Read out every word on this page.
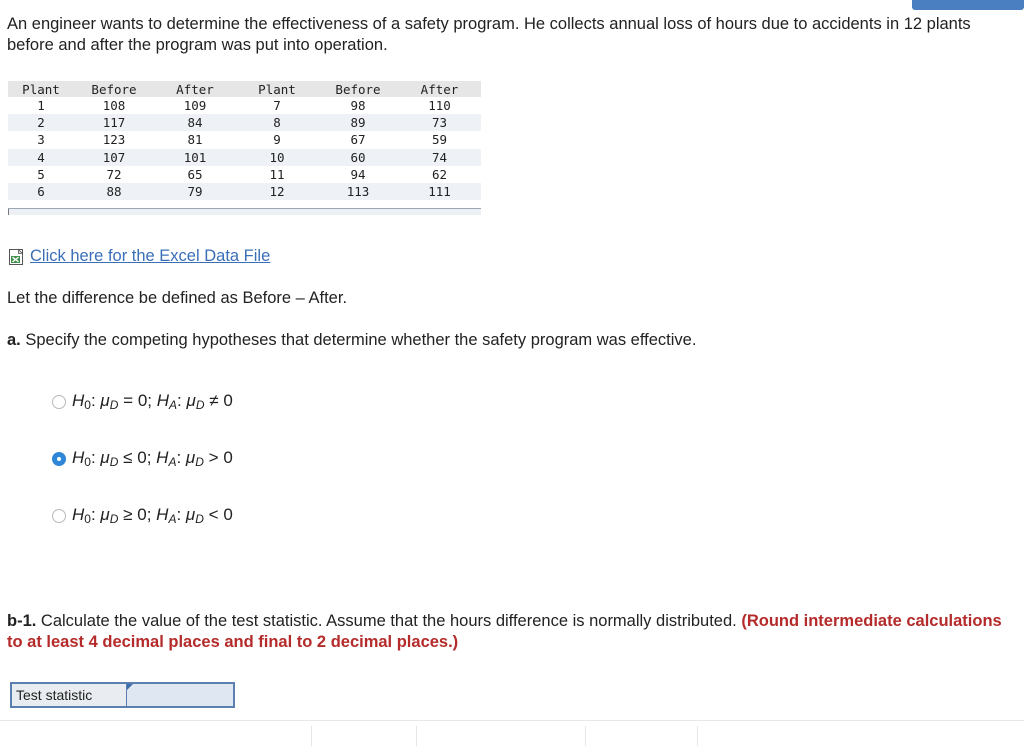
An engineer wants to determine the effectiveness of a safety program. He collects annual loss of hours due to accidents in 12 plants before and after the program was put into operation.
Plant	Before	After	Plant	Before	After
1	108	109	7	98	110
2	117	84	8	89	73
3	123	81	9	67	59
4	107	101	10	60	74
5	72	65	11	94	62
6	88	79	12	113	111
Click here for the Excel Data File
Let the difference be defined as Before – After.
a. Specify the competing hypotheses that determine whether the safety program was effective.
$H_0$: $\mu_D = 0$; $H_A$: $\mu_D \ne 0$
$H_0$: $\mu_D \le 0$; $H_A$: $\mu_D > 0$
$H_0$: $\mu_D \ge 0$; $H_A$: $\mu_D < 0$
b-1. Calculate the value of the test statistic. Assume that the hours difference is normally distributed. (Round intermediate calculations to at least 4 decimal places and final to 2 decimal places.)
Test statistic
